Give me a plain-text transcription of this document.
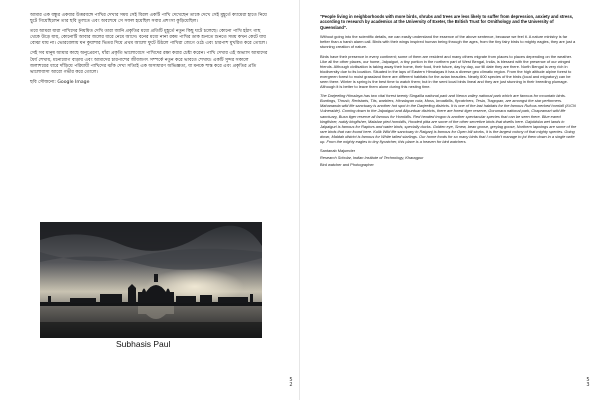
আমার এক বন্ধুর একবার উত্তরবঙ্গে পাখির দেখার সময় সেই বিরল একটি পাখি দেখেছেন তাকে দেখে সেই মুহূর্তে ক্যামেরা হাতে নিয়ে ছুটে গিয়েছিলেন তার ছবি তুলতে এবং অবশেষে সে সফল হয়েছিল সবার প্রশংসা কুড়িয়েছিল।

তবে আমরা যারা পাখিদের নিয়মিত দেখি তারা জানি প্রকৃতির মধ্যে প্রতিটি মুহূর্তে নতুন কিছু ঘটে চলেছে। কোনো পাখি হঠাৎ গাছ থেকে উড়ে যায়, কোনোটি আবার জলের ধারে নেমে আসে। বনের মধ্যে নানা রকম পাখির ডাক শুনতে শুনতে সময় কখন কেটে যায় বোঝা যায় না। ভোরবেলায় ঘন কুয়াশার ভিতর দিয়ে প্রথম আলো ফুটে উঠলে পাখিরা জেগে ওঠে এবং চারপাশ মুখরিত করে তোলে।

সেই সব মানুষ আমার কাছে অনুপ্রেরণা, যাঁরা প্রকৃতি ভালোবেসে পাখিদের রক্ষা করার চেষ্টা করেন। পাখি দেখার এই অভ্যাস আমাদের ধৈর্য শেখায়, মনোযোগ বাড়ায় এবং আমাদের চারপাশের জীবজগৎ সম্পর্কে নতুন করে ভাবতে শেখায়। একটি সুন্দর সকালে জলাশয়ের ধারে দাঁড়িয়ে পরিযায়ী পাখিদের ঝাঁক দেখা সত্যিই এক অসাধারণ অভিজ্ঞতা, যা মনকে শান্ত করে এবং প্রকৃতির প্রতি ভালোবাসা আরো গভীর করে তোলে।

ছবি সৌজন্যে: Google Image

Subhasis Paul
5
2

"People living in neighborhoods with more birds, shrubs and trees are less likely to suffer from depression, anxiety and stress, according to research by academics at the University of Exeter, the British Trust for Ornithology and the University of Queensland".

Without going into the scientific details, we can easily understand the essence of the above sentence, because we feel it. A nature ministry is far better than a harsh alarm call. Birds with their wings inspired human being through the ages, from the tiny fairy birds to mighty eagles, they are just a stunning creation of nature.

Birds have their presence in every continent; some of them are resident and many others migrate from places to places depending on the weather. Like all the other places, our home, Jalpaiguri, a tiny portion in the northern part of West Bengal, India, is blessed with the presence of our winged friends. Although civilisation is taking away their home, their food, their future, day by day, our till date they are there. North Bengal is very rich in biodiversity due to its location. Situated in the laps of Eastern Himalayas it has a diverse geo climatic region. From the high altitude alpine forest to evergreen forest to moist grassland there are different habitats for the avian beauties. Nearly 600 species of the birds (local and migratory) can be seen there. Winter is spring is the best time to watch them; but in the semi local birds lineal and they are just stunning in their breeding plumage. Although it is better to leave them alone during this nesting time.

The Darjeeling Himalaya has two vital forest twenty Singalila national park and Neora valley national park which are famous for mountain birds. Buntings, Thrush, Redstarts, Tits, warblers, Himalayan cuta, Moss, broadbills, flycatchers, Tesia, Tragopan, are amongst the star performers. Mahananda wild life sanctuary is another hot spot in the Darjeeling districts. It is one of the last habitats for the famous Rufous necked hornbill (IUCN Vulnerable). Coming down to the Jalpaiguri and Alipurduar districts, there are forest tiger reserve, Gorumara national park, Chapramari wild life sanctuary, Buxa tiger reserve all famous for Hornbills. Red headed trogon is another spectacular species that can be seen there. Blue eared kingfisher, ruddy kingfisher, Malabar pied hornbills, Hooded pitta are some of the other secretive birds that dwells here. Gajoldoba wet lands in Jalpaiguri is famous for Raptors and water birds, specially ducks. Golden eye, Smew, bean goose, greylag goose, Northern lapwings are some of the rare birds that can found here. Kulik Wild life sanctuary in Raiganj is famous for Open bill storks, it is the largest colony of that mighty species. Going down, Maldah district is famous for White tailed starlings. Our home foods for so many birds that I couldn't manage to jot them down in a single write up. From the mighty eagles to tiny flycatcher, this place is a heaven for bird watchers.

Santanab Majumder

Research Scholar, Indian Institute of Technology, Kharagpur

Bird watcher and Photographer

5
3
